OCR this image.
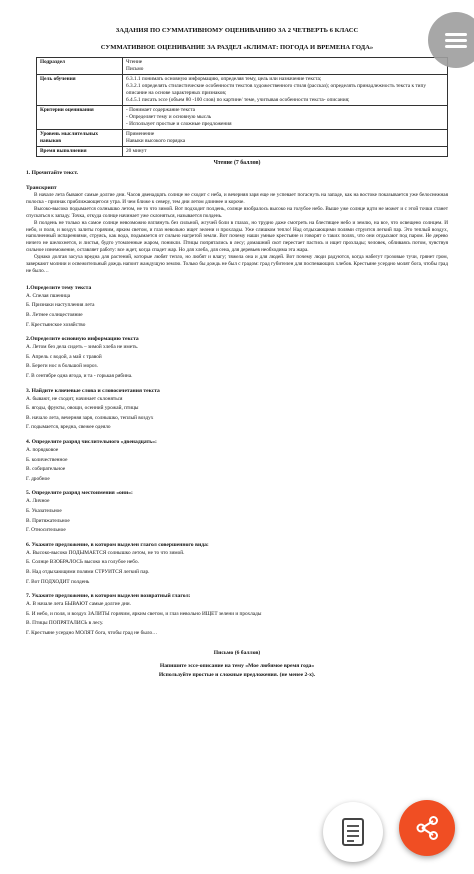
ЗАДАНИЯ ПО СУММАТИВНОМУ ОЦЕНИВАНИЮ ЗА 2 ЧЕТВЕРТЬ 6 КЛАСС
СУММАТИВНОЕ ОЦЕНИВАНИЕ ЗА РАЗДЕЛ «КЛИМАТ: ПОГОДА И ВРЕМЕНА ГОДА»
Подраздел	Чтение
Письмо

Цель обучения	6.3.1.1 понимать основную информацию, определяя тему, цель или назначение текста;
6.3.2.1 определять стилистические особенности текстов художественного стиля (рассказ); определять принадлежность текста к типу описание на основе характерных признаков;
6.4.5.1 писать эссе (объем 80 -100 слов) по картине/ теме, учитывая особенности текста- описания;

Критерии оценивания	- Понимает содержание текста
- Определяет тему и основную мысль
- Использует простые и сложные предложения

Уровень мыслительных навыков	Применение
Навыки высокого порядка

Время выполнения	20 минут
Чтение (7 баллов)
1. Прочитайте текст.
Транскрипт
В начале лета бывают самые долгие дни. Часов двенадцать солнце не сходит с неба, и вечерняя заря еще не успевает погаснуть на западе, как на востоке показывается уже белоснежная полоска - признак приближающегося утра. И чем ближе к северу, тем дни летом длиннее и короче.
Высоко-высоко подымается солнышко летом, не то что зимой. Вот подходит полдень, солнце взобралось высоко на голубое небо. Выше уже солнце идти не может и с этой точки станет спускаться к западу. Точка, откуда солнце начинает уже склоняться, называется полдень.
В полдень не только на самое солнце невозможно взглянуть без сильной, жгучей боли в глазах, но трудно даже смотреть на блестящее небо и землю, на все, что освещено солнцем. И небо, и поля, и воздух залиты горячим, ярким светом, и глаз невольно ищет зелени и прохлады. Уже слишком тепло! Над отдыхающими полями струится легкий пар. Это теплый воздух, наполненный испарениями, струясь, как вода, подымается от сильно нагретой земли. Вот почему наши умные крестьяне и говорят о таких полях, что они отдыхают под паром. Не дерево ничего не шелохнется, и листья, будто утомленные жаром, поникли. Птицы попрятались в лесу; домашний скот перестает пастись и ищет прохлады; человек, обливаясь потом, чувствуя сильное изнеможение, оставляет работу: все ждет, когда спадет жар. Но для хлеба, для сена, для деревьев необходима эта жара.
Однако долгая засуха вредна для растений, которые любят тепло, но любят и влагу; тяжела она и для людей. Вот почему люди радуются, когда набегут грозовые тучи, грянет гром, заверкают молнии и освежительный дождь напоит жаждущую землю. Только бы дождь не был с градом: град губителен для поспевающих хлебов. Крестьяне усердно молят бога, чтобы град не было…
1.Определите тему текста
А. Спелая пшеница
Б. Признаки наступления лета
В. Летнее солнцестояние
Г. Крестьянское хозяйство
2.Определите основную информацию текста
А. Летом без дела сидеть – зимой хлеба не иметь.
Б. Апрель с водой, а май с травой
В. Береги нос в большой мороз.
Г. В сентябре одна ягода, и та - горькая рябина.
3. Найдите ключевые слова и словосочетания текста
А. бывают, не сходит, начинает склоняться
Б. ягоды, фрукты, овощи, осенний урожай, птицы
В. начало лета, вечерняя заря, солнышко, теплый воздух
Г. подымается, вредна, свежее одеяло
4. Определите разряд числительного «двенадцать»:
А. порядковое
Б. количественное
В. собирательное
Г. дробное
5. Определите разряд местоимения «они»:
А. Личное
Б. Указательное
В. Притяжательное
Г. Относительное
6. Укажите предложение, в котором выделен глагол совершенного вида:
А. Высоко-высоко ПОДЫМАЕТСЯ солнышко летом, не то что зимой.
Б. Солнце ВЗОБРАЛОСЬ высоко на голубое небо.
В. Над отдыхающими полями СТРУИТСЯ легкий пар.
Г. Вот ПОДХОДИТ полдень
7. Укажите предложение, в котором выделен возвратный глагол:
А. В начале лета БЫВАЮТ самые долгие дни.
Б. И небо, и поля, и воздух ЗАЛИТЫ горячим, ярким светом, и глаз невольно ИЩЕТ зелени и прохлады
В. Птицы ПОПРЯТАЛИСЬ в лесу.
Г. Крестьяне усердно МОЛЯТ бога, чтобы град не было…
Письмо (6 баллов)
Напишите эссе-описание на тему «Мое любимое время года»
Используйте простые и сложные предложения. (не менее 2-х).
